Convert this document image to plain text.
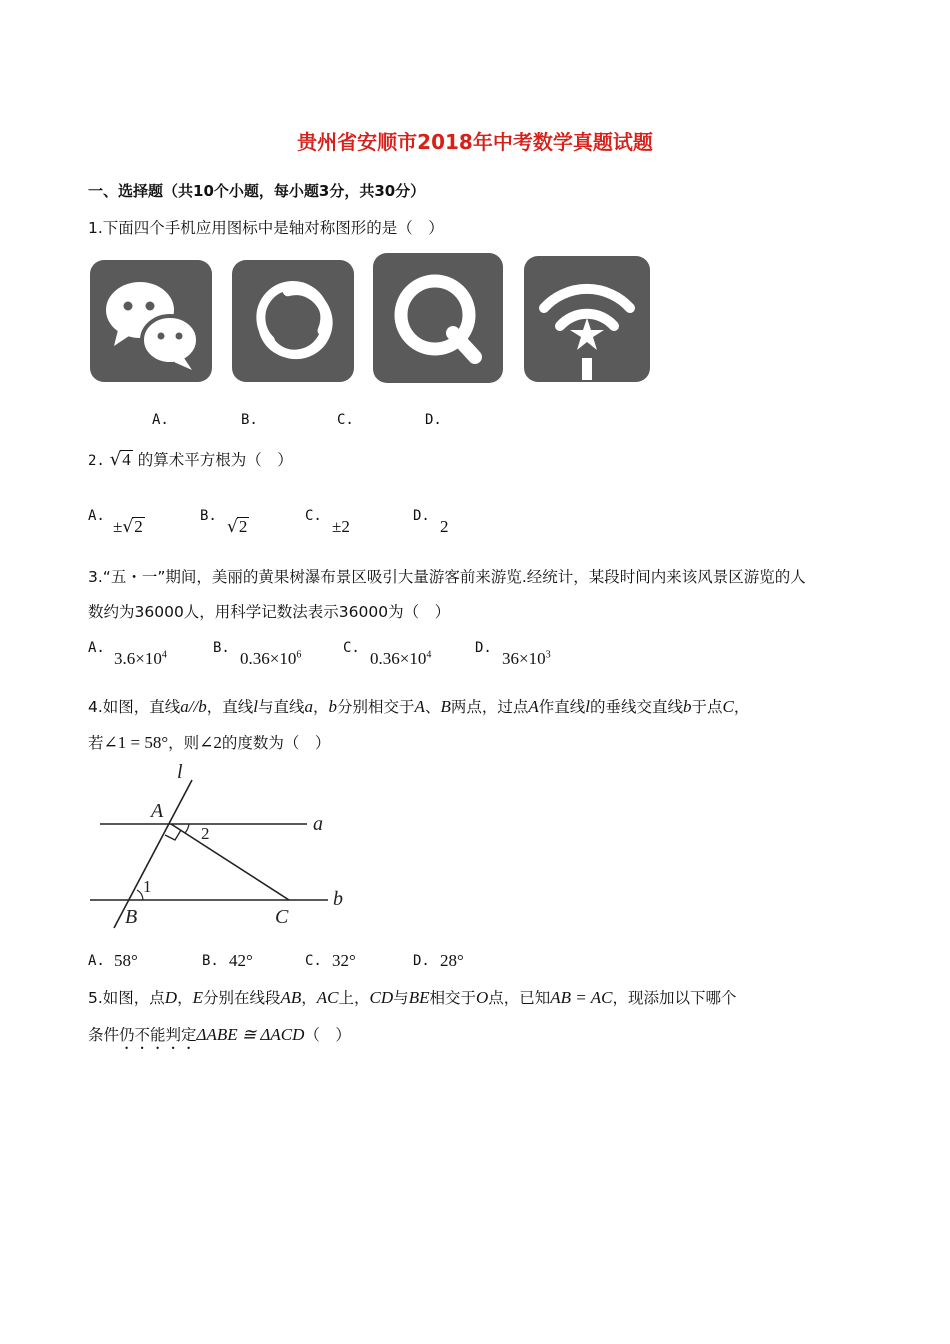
贵州省安顺市2018年中考数学真题试题
一、选择题（共10个小题，每小题3分，共30分）
1.下面四个手机应用图标中是轴对称图形的是（　）
A.	B.	C.	D.
2. √4 的算术平方根为（　）
A.
±√2
B.
√2
C.
±2
D.
2
3.“五・一”期间，美丽的黄果树瀑布景区吸引大量游客前来游览.经统计，某段时间内来该风景区游览的人
数约为36000人，用科学记数法表示36000为（　）
A.
$3.6\times 10^4$	B.
$0.36\times 10^6$	C.
$0.36\times 10^4$	D.
$36\times 10^3$
4.如图，直线a//b，直线l与直线a，b分别相交于A、B两点，过点A作直线l的垂线交直线b于点C，
若∠1 = 58°，则∠2的度数为（　）
l
A
a
2
1
B	C
b
A. 58°	B. 42°	C. 32°	D. 28°
5.如图，点D，E分别在线段AB，AC上，CD与BE相交于O点，已知AB = AC，现添加以下哪个
条件仍不能判定ΔABE ≅ ΔACD（　）
